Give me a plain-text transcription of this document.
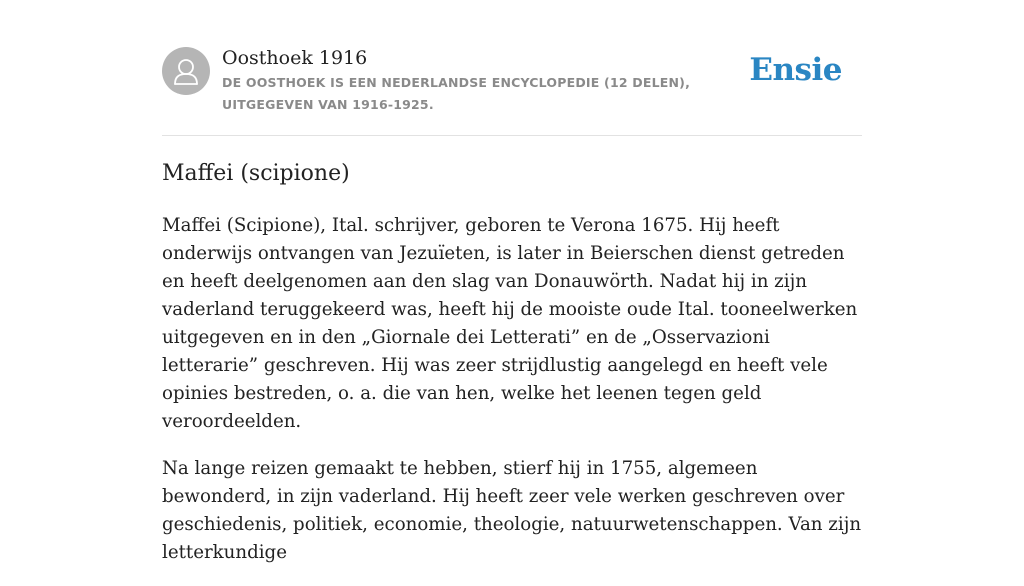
Oosthoek 1916
DE OOSTHOEK IS EEN NEDERLANDSE ENCYCLOPEDIE (12 DELEN), UITGEGEVEN VAN 1916-1925.
Ensie
Maffei (scipione)

Maffei (Scipione), Ital. schrijver, geboren te Verona 1675. Hij heeft onderwijs ontvangen van Jezuïeten, is later in Beierschen dienst getreden en heeft deelgenomen aan den slag van Donauwörth. Nadat hij in zijn vaderland teruggekeerd was, heeft hij de mooiste oude Ital. tooneelwerken uitgegeven en in den „Giornale dei Letterati” en de „Osservazioni letterarie” geschreven. Hij was zeer strijdlustig aangelegd en heeft vele opinies bestreden, o. a. die van hen, welke het leenen tegen geld veroordeelden.

Na lange reizen gemaakt te hebben, stierf hij in 1755, algemeen bewonderd, in zijn vaderland. Hij heeft zeer vele werken geschreven over geschiedenis, politiek, economie, theologie, natuurwetenschappen. Van zijn letterkundige
